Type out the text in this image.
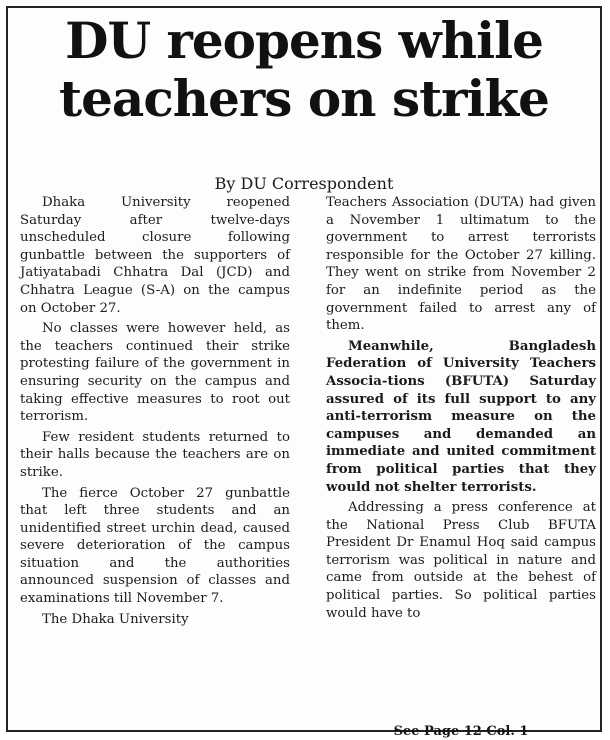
DU reopens while
teachers on strike
By DU Correspondent

Dhaka University reopened Saturday after twelve-days unscheduled closure following gunbattle between the supporters of Jatiyatabadi Chhatra Dal (JCD) and Chhatra League (S-A) on the campus on October 27.

No classes were however held, as the teachers continued their strike protesting failure of the government in ensuring security on the campus and taking effective measures to root out terrorism.

Few resident students returned to their halls because the teachers are on strike.

The fierce October 27 gunbattle that left three students and an unidentified street urchin dead, caused severe deterioration of the campus situation and the authorities announced suspension of classes and examinations till November 7.

The Dhaka University

Teachers Association (DUTA) had given a November 1 ultimatum to the government to arrest terrorists responsible for the October 27 killing. They went on strike from November 2 for an indefinite period as the government failed to arrest any of them.

Meanwhile, Bangladesh Federation of University Teachers Associa-tions (BFUTA) Saturday assured of its full support to any anti-terrorism measure on the campuses and demanded an immediate and united commitment from political parties that they would not shelter terrorists.

Addressing a press conference at the National Press Club BFUTA President Dr Enamul Hoq said campus terrorism was political in nature and came from outside at the behest of political parties. So political parties would have to

See Page 12 Col. 1
